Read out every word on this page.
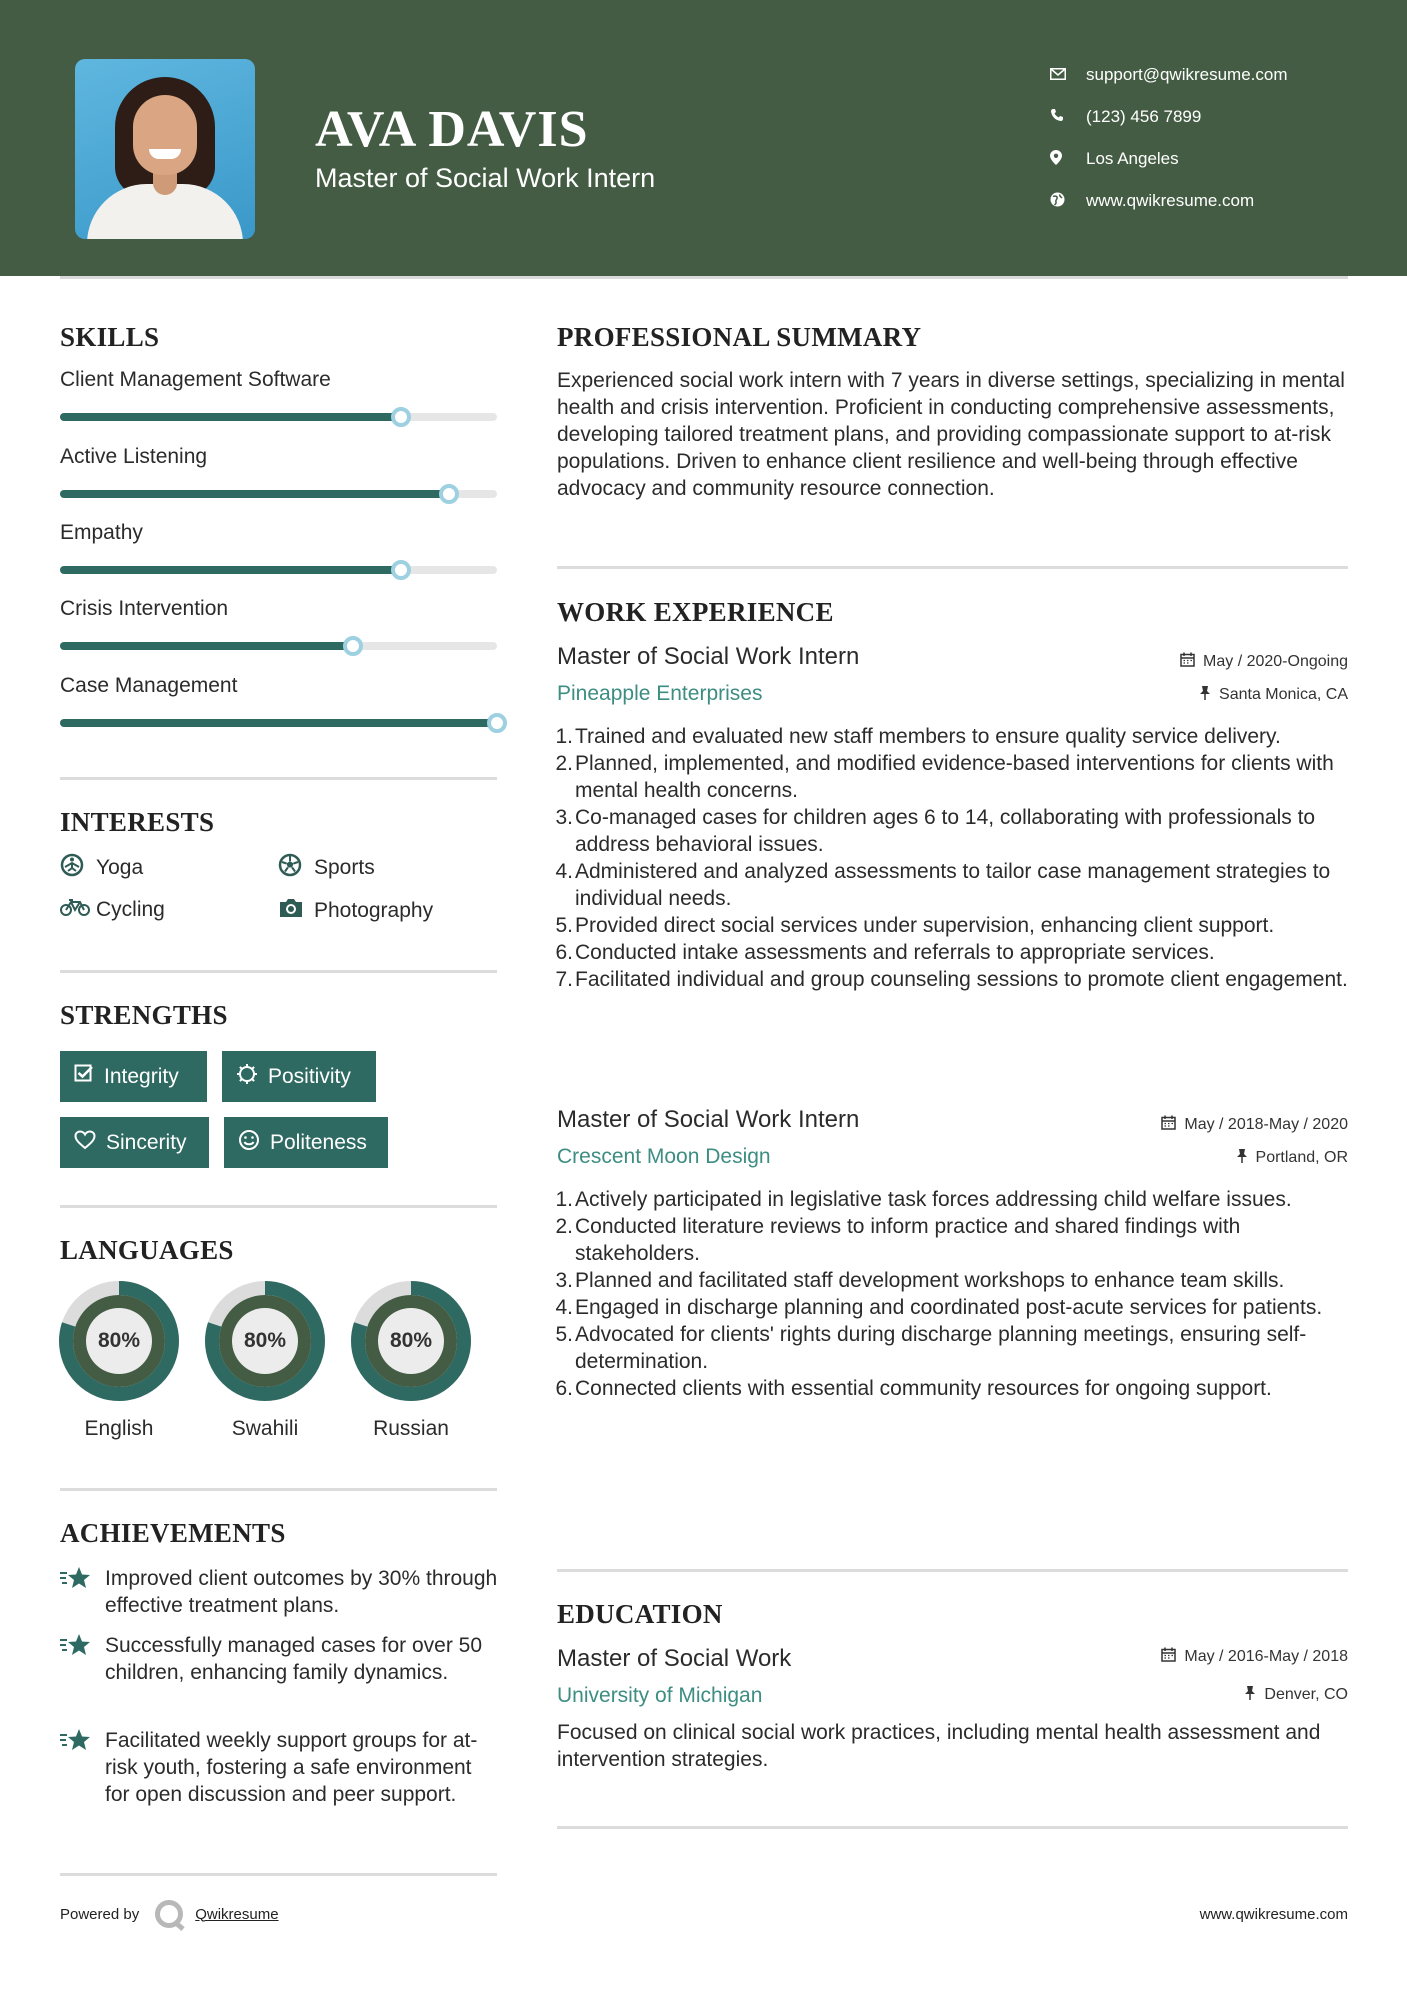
AVA DAVIS
Master of Social Work Intern
support@qwikresume.com
(123) 456 7899
Los Angeles
www.qwikresume.com
SKILLS
Client Management Software
Active Listening
Empathy
Crisis Intervention
Case Management
INTERESTS
Yoga	Sports
Cycling	Photography
STRENGTHS
Integrity	Positivity
Sincerity	Politeness
LANGUAGES
80%
English
80%
Swahili
80%
Russian
ACHIEVEMENTS
Improved client outcomes by 30% through effective treatment plans.
Successfully managed cases for over 50 children, enhancing family dynamics.
Facilitated weekly support groups for at-risk youth, fostering a safe environment for open discussion and peer support.
Powered by	Qwikresume	www.qwikresume.com
PROFESSIONAL SUMMARY
Experienced social work intern with 7 years in diverse settings, specializing in mental health and crisis intervention. Proficient in conducting comprehensive assessments, developing tailored treatment plans, and providing compassionate support to at-risk populations. Driven to enhance client resilience and well-being through effective advocacy and community resource connection.
WORK EXPERIENCE
Master of Social Work Intern	May / 2020-Ongoing
Pineapple Enterprises	Santa Monica, CA
1. Trained and evaluated new staff members to ensure quality service delivery.
2. Planned, implemented, and modified evidence-based interventions for clients with mental health concerns.
3. Co-managed cases for children ages 6 to 14, collaborating with professionals to address behavioral issues.
4. Administered and analyzed assessments to tailor case management strategies to individual needs.
5. Provided direct social services under supervision, enhancing client support.
6. Conducted intake assessments and referrals to appropriate services.
7. Facilitated individual and group counseling sessions to promote client engagement.
Master of Social Work Intern	May / 2018-May / 2020
Crescent Moon Design	Portland, OR
1. Actively participated in legislative task forces addressing child welfare issues.
2. Conducted literature reviews to inform practice and shared findings with stakeholders.
3. Planned and facilitated staff development workshops to enhance team skills.
4. Engaged in discharge planning and coordinated post-acute services for patients.
5. Advocated for clients' rights during discharge planning meetings, ensuring self-determination.
6. Connected clients with essential community resources for ongoing support.
EDUCATION
Master of Social Work	May / 2016-May / 2018
University of Michigan	Denver, CO
Focused on clinical social work practices, including mental health assessment and intervention strategies.
